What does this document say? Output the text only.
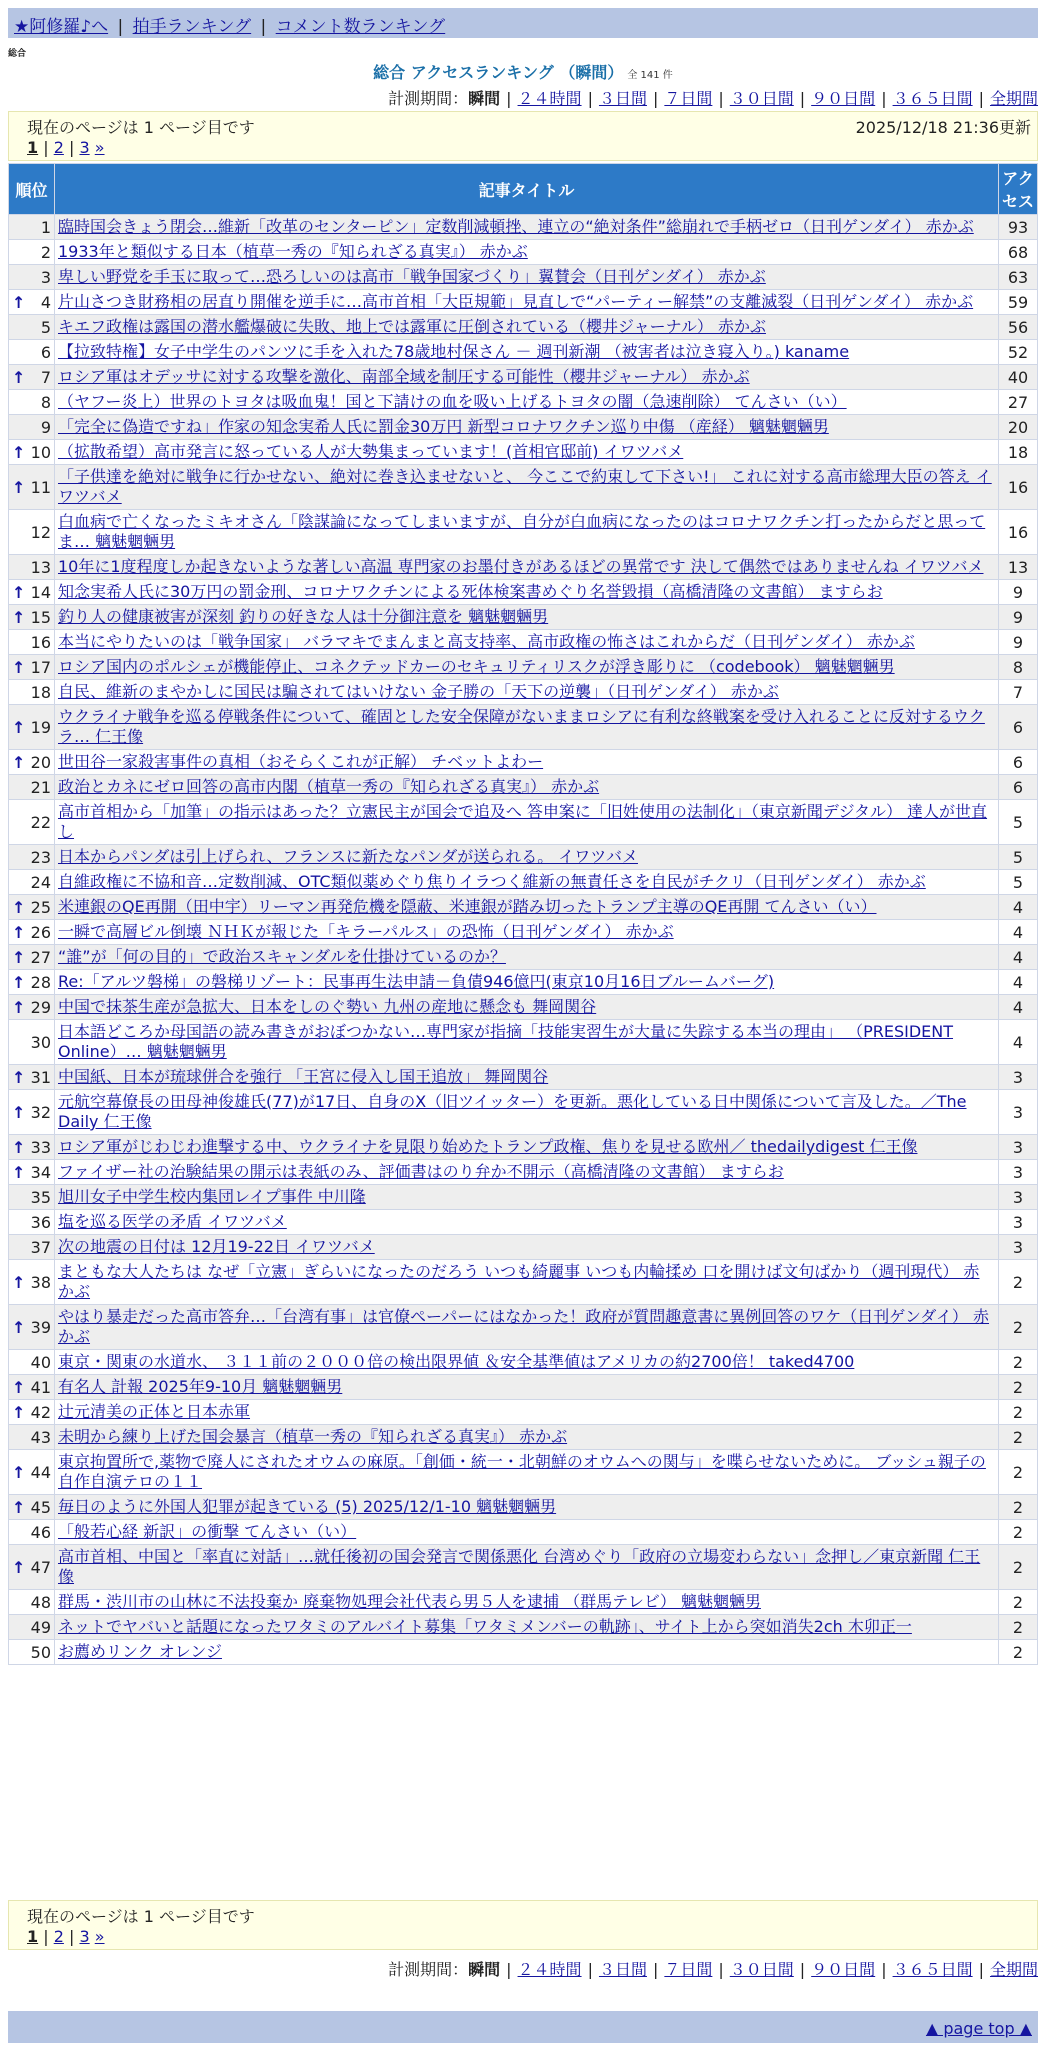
★阿修羅♪へ | 拍手ランキング | コメント数ランキング
総合
総合 アクセスランキング （瞬間） 全 141 件
計測期間：瞬間 | ２４時間 | ３日間 | ７日間 | ３０日間 | ９０日間 | ３６５日間 | 全期間
現在のページは 1 ページ目です	2025/12/18 21:36更新
1 | 2 | 3 »
順位	記事タイトル	アクセス
1	臨時国会きょう閉会…維新「改革のセンターピン」定数削減頓挫、連立の“絶対条件”総崩れで手柄ゼロ（日刊ゲンダイ） 赤かぶ	93
2	1933年と類似する日本（植草一秀の『知られざる真実』） 赤かぶ	68
3	卑しい野党を手玉に取って…恐ろしいのは高市「戦争国家づくり」翼賛会（日刊ゲンダイ） 赤かぶ	63

↑ 4	片山さつき財務相の居直り開催を逆手に…高市首相「大臣規範」見直しで“パーティー解禁”の支離滅裂（日刊ゲンダイ） 赤かぶ	59
5	キエフ政権は露国の潜水艦爆破に失敗、地上では露軍に圧倒されている（櫻井ジャーナル） 赤かぶ	56
6	【拉致特権】女子中学生のパンツに手を入れた78歳地村保さん － 週刊新潮 （被害者は泣き寝入り。) kaname	52

↑ 7	ロシア軍はオデッサに対する攻撃を激化、南部全域を制圧する可能性（櫻井ジャーナル） 赤かぶ	40
8	（ヤフー炎上）世界のトヨタは吸血鬼！国と下請けの血を吸い上げるトヨタの闇（急速削除） てんさい（い）	27
9	「完全に偽造ですね」作家の知念実希人氏に罰金30万円 新型コロナワクチン巡り中傷 （産経） 魑魅魍魎男	20

↑ 10	（拡散希望）高市発言に怒っている人が大勢集まっています！(首相官邸前) イワツバメ	18

↑ 11	「子供達を絶対に戦争に行かせない、絶対に巻き込ませないと、 今ここで約束して下さい!」 これに対する高市総理大臣の答え イワツバメ	16
12	白血病で亡くなったミキオさん「陰謀論になってしまいますが、自分が白血病になったのはコロナワクチン打ったからだと思ってま… 魑魅魍魎男	16
13	10年に1度程度しか起きないような著しい高温 専門家のお墨付きがあるほどの異常です 決して偶然ではありませんね イワツバメ	13

↑ 14	知念実希人氏に30万円の罰金刑、コロナワクチンによる死体検案書めぐり名誉毀損（高橋清隆の文書館） ますらお	9

↑ 15	釣り人の健康被害が深刻 釣りの好きな人は十分御注意を 魑魅魍魎男	9
16	本当にやりたいのは「戦争国家」 バラマキでまんまと高支持率、高市政権の怖さはこれからだ（日刊ゲンダイ） 赤かぶ	9

↑ 17	ロシア国内のポルシェが機能停止、コネクテッドカーのセキュリティリスクが浮き彫りに （codebook） 魑魅魍魎男	8
18	自民、維新のまやかしに国民は騙されてはいけない 金子勝の「天下の逆襲」（日刊ゲンダイ） 赤かぶ	7

↑ 19	ウクライナ戦争を巡る停戦条件について、確固とした安全保障がないままロシアに有利な終戦案を受け入れることに反対するウクラ… 仁王像	6

↑ 20	世田谷一家殺害事件の真相（おそらくこれが正解） チベットよわー	6
21	政治とカネにゼロ回答の高市内閣（植草一秀の『知られざる真実』） 赤かぶ	6
22	高市首相から「加筆」の指示はあった？立憲民主が国会で追及へ 答申案に「旧姓使用の法制化」（東京新聞デジタル） 達人が世直し	5
23	日本からパンダは引上げられ、フランスに新たなパンダが送られる。 イワツバメ	5
24	自維政権に不協和音…定数削減、OTC類似薬めぐり焦りイラつく維新の無責任さを自民がチクリ（日刊ゲンダイ） 赤かぶ	5

↑ 25	米連銀のQE再開（田中宇）リーマン再発危機を隠蔽、米連銀が踏み切ったトランプ主導のQE再開 てんさい（い）	4

↑ 26	一瞬で高層ビル倒壊 ＮＨＫが報じた「キラーパルス」の恐怖（日刊ゲンダイ） 赤かぶ	4

↑ 27	“誰”が「何の目的」で政治スキャンダルを仕掛けているのか？	4

↑ 28	Re:「アルツ磐梯」の磐梯リゾート：民事再生法申請－負債946億円(東京10月16日ブルームバーグ)	4

↑ 29	中国で抹茶生産が急拡大、日本をしのぐ勢い 九州の産地に懸念も 舞岡関谷	4
30	日本語どころか母国語の読み書きがおぼつかない…専門家が指摘「技能実習生が大量に失踪する本当の理由」 （PRESIDENT Online）… 魑魅魍魎男	4

↑ 31	中国紙、日本が琉球併合を強行 「王宮に侵入し国王追放」 舞岡関谷	3

↑ 32	元航空幕僚長の田母神俊雄氏(77)が17日、自身のX（旧ツイッター）を更新。悪化している日中関係について言及した。／The Daily 仁王像	3

↑ 33	ロシア軍がじわじわ進撃する中、ウクライナを見限り始めたトランプ政権、焦りを見せる欧州／ thedailydigest 仁王像	3

↑ 34	ファイザー社の治験結果の開示は表紙のみ、評価書はのり弁か不開示（高橋清隆の文書館） ますらお	3
35	旭川女子中学生校内集団レイプ事件 中川隆	3
36	塩を巡る医学の矛盾 イワツバメ	3
37	次の地震の日付は 12月19-22日 イワツバメ	3

↑ 38	まともな大人たちは なぜ「立憲」ぎらいになったのだろう いつも綺麗事 いつも内輪揉め 口を開けば文句ばかり（週刊現代） 赤かぶ	2

↑ 39	やはり暴走だった高市答弁…「台湾有事」は官僚ペーパーにはなかった！政府が質問趣意書に異例回答のワケ（日刊ゲンダイ） 赤かぶ	2
40	東京・関東の水道水、 ３１１前の２０００倍の検出限界値 ＆安全基準値はアメリカの約2700倍！ taked4700	2

↑ 41	有名人 計報 2025年9-10月 魑魅魍魎男	2

↑ 42	辻元清美の正体と日本赤軍	2
43	未明から練り上げた国会暴言（植草一秀の『知られざる真実』） 赤かぶ	2

↑ 44	東京拘置所で,薬物で廃人にされたオウムの麻原。「創価・統一・北朝鮮のオウムへの関与」を喋らせないために。 ブッシュ親子の自作自演テロの１１	2

↑ 45	毎日のように外国人犯罪が起きている (5) 2025/12/1-10 魑魅魍魎男	2
46	「般若心経 新訳」の衝撃 てんさい（い）	2

↑ 47	高市首相、中国と「率直に対話」…就任後初の国会発言で関係悪化 台湾めぐり「政府の立場変わらない」念押し／東京新聞 仁王像	2
48	群馬・渋川市の山林に不法投棄か 廃棄物処理会社代表ら男５人を逮捕 （群馬テレビ） 魑魅魍魎男	2
49	ネットでヤバいと話題になったワタミのアルバイト募集「ワタミメンバーの軌跡」、サイト上から突如消失2ch 木卯正一	2
50	お薦めリンク オレンジ	2
現在のページは 1 ページ目です
1 | 2 | 3 »
計測期間：瞬間 | ２４時間 | ３日間 | ７日間 | ３０日間 | ９０日間 | ３６５日間 | 全期間
▲ page top ▲
